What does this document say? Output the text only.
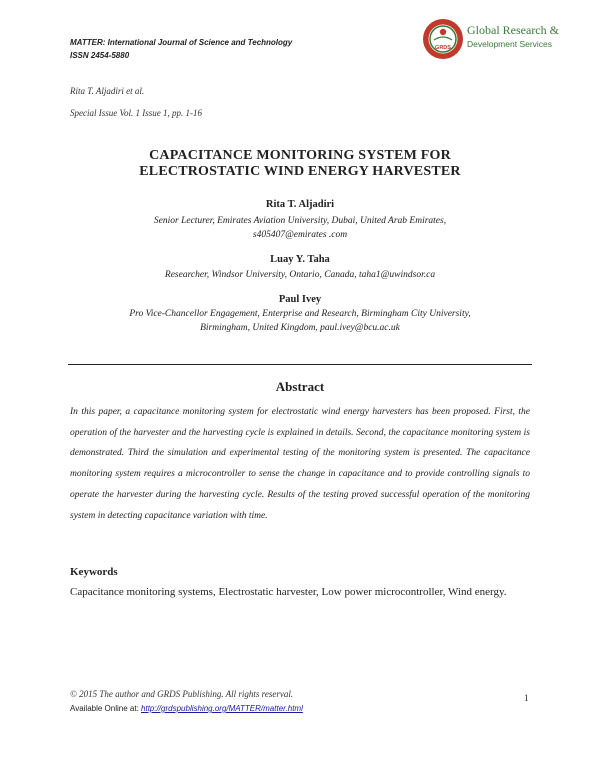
MATTER: International Journal of Science and Technology
ISSN 2454-5880
GRDS
Global Research &
Development Services
Rita T. Aljadiri et al.
Special Issue Vol. 1 Issue 1, pp. 1-16
CAPACITANCE MONITORING SYSTEM FOR
ELECTROSTATIC WIND ENERGY HARVESTER
Rita T. Aljadiri
Senior Lecturer, Emirates Aviation University, Dubai, United Arab Emirates,
s405407@emirates .com
Luay Y. Taha
Researcher, Windsor University, Ontario, Canada, taha1@uwindsor.ca
Paul Ivey
Pro Vice-Chancellor Engagement, Enterprise and Research, Birmingham City University,
Birmingham, United Kingdom, paul.ivey@bcu.ac.uk
Abstract
In this paper, a capacitance monitoring system for electrostatic wind energy harvesters has been proposed. First, the operation of the harvester and the harvesting cycle is explained in details. Second, the capacitance monitoring system is demonstrated. Third the simulation and experimental testing of the monitoring system is presented. The capacitance monitoring system requires a microcontroller to sense the change in capacitance and to provide controlling signals to operate the harvester during the harvesting cycle. Results of the testing proved successful operation of the monitoring system in detecting capacitance variation with time.
Keywords
Capacitance monitoring systems, Electrostatic harvester, Low power microcontroller, Wind energy.
© 2015 The author and GRDS Publishing. All rights reserval.
Available Online at: http://grdspublishing.org/MATTER/matter.html
1
